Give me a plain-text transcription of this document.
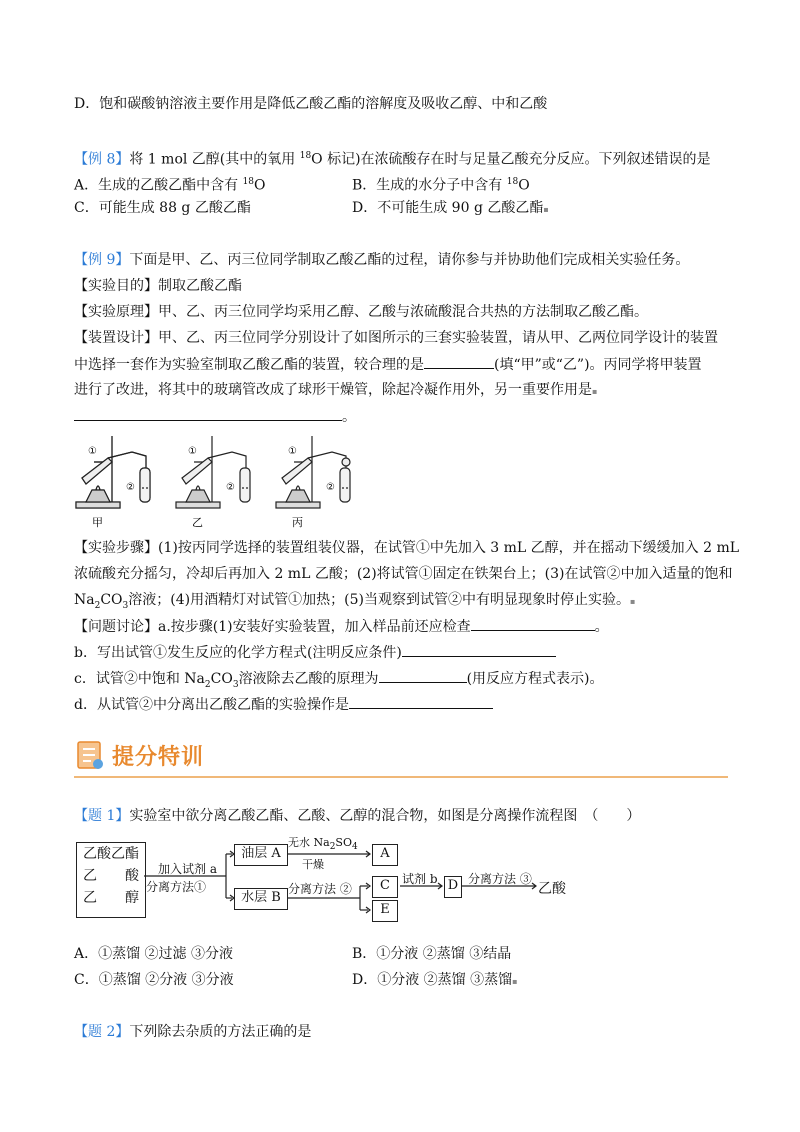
D．饱和碳酸钠溶液主要作用是降低乙酸乙酯的溶解度及吸收乙醇、中和乙酸
【例 8】将 1 mol 乙醇(其中的氧用 $^{18}$O 标记)在浓硫酸存在时与足量乙酸充分反应。下列叙述错误的是
A．生成的乙酸乙酯中含有 $^{18}$O	B．生成的水分子中含有 $^{18}$O
C．可能生成 88 g 乙酸乙酯	D．不可能生成 90 g 乙酸乙酯▪
【例 9】下面是甲、乙、丙三位同学制取乙酸乙酯的过程，请你参与并协助他们完成相关实验任务。
【实验目的】制取乙酸乙酯
【实验原理】甲、乙、丙三位同学均采用乙醇、乙酸与浓硫酸混合共热的方法制取乙酸乙酯。
【装置设计】甲、乙、丙三位同学分别设计了如图所示的三套实验装置，请从甲、乙两位同学设计的装置
中选择一套作为实验室制取乙酸乙酯的装置，较合理的是	(填“甲”或“乙”)。丙同学将甲装置
进行了改进，将其中的玻璃管改成了球形干燥管，除起冷凝作用外，另一重要作用是▪
。
①
②
①
②
①
②
甲	乙	丙
【实验步骤】(1)按丙同学选择的装置组装仪器，在试管①中先加入 3 mL 乙醇，并在摇动下缓缓加入 2 mL
浓硫酸充分摇匀，冷却后再加入 2 mL 乙酸；(2)将试管①固定在铁架台上；(3)在试管②中加入适量的饱和
$Na_2CO_3$溶液；(4)用酒精灯对试管①加热；(5)当观察到试管②中有明显现象时停止实验。▪
【问题讨论】a.按步骤(1)安装好实验装置，加入样品前还应检查	。
b．写出试管①发生反应的化学方程式(注明反应条件)
c．试管②中饱和 $Na_2CO_3$溶液除去乙酸的原理为	(用反应方程式表示)。
d．从试管②中分离出乙酸乙酯的实验操作是
提分特训
【题 1】实验室中欲分离乙酸乙酯、乙酸、乙醇的混合物，如图是分离操作流程图　（　　）
乙酸乙酯
乙　　酸
乙　　醇
加入试剂 a
分离方法①
油层 A
水层 B
无水 $Na_2SO_4$
干燥
A
分离方法 ②	C
E
试剂 b D 分离方法 ③
乙酸
A．①蒸馏 ②过滤 ③分液	B．①分液 ②蒸馏 ③结晶
C．①蒸馏 ②分液 ③分液	D．①分液 ②蒸馏 ③蒸馏▪
【题 2】下列除去杂质的方法正确的是
